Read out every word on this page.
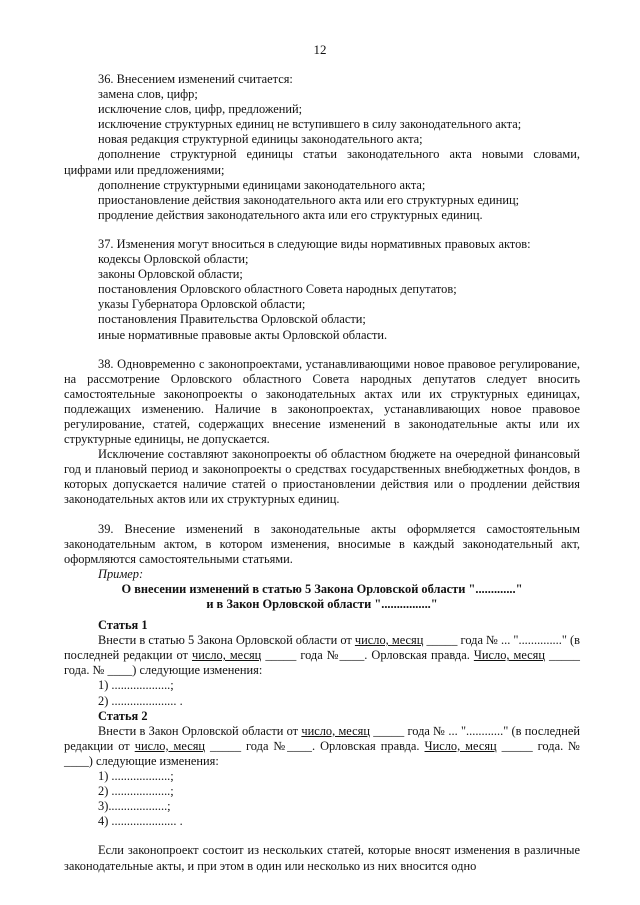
12

36. Внесением изменений считается:

замена слов, цифр;

исключение слов, цифр, предложений;

исключение структурных единиц не вступившего в силу законодательного акта;

новая редакция структурной единицы законодательного акта;

дополнение структурной единицы статьи законодательного акта новыми словами, цифрами или предложениями;

дополнение структурными единицами законодательного акта;

приостановление действия законодательного акта или его структурных единиц;

продление действия законодательного акта или его структурных единиц.

37. Изменения могут вноситься в следующие виды нормативных правовых актов:

кодексы Орловской области;

законы Орловской области;

постановления Орловского областного Совета народных депутатов;

указы Губернатора Орловской области;

постановления Правительства Орловской области;

иные нормативные правовые акты Орловской области.

38. Одновременно с законопроектами, устанавливающими новое правовое регулирование, на рассмотрение Орловского областного Совета народных депутатов следует вносить самостоятельные законопроекты о законодательных актах или их структурных единицах, подлежащих изменению. Наличие в законопроектах, устанавливающих новое правовое регулирование, статей, содержащих внесение изменений в законодательные акты или их структурные единицы, не допускается.

Исключение составляют законопроекты об областном бюджете на очередной финансовый год и плановый период и законопроекты о средствах государственных внебюджетных фондов, в которых допускается наличие статей о приостановлении действия или о продлении действия законодательных актов или их структурных единиц.

39. Внесение изменений в законодательные акты оформляется самостоятельным законодательным актом, в котором изменения, вносимые в каждый законодательный акт, оформляются самостоятельными статьями.

Пример:

О внесении изменений в статью 5 Закона Орловской области "............."

и в Закон Орловской области "................"

Статья 1

Внести в статью 5 Закона Орловской области от число, месяц _____ года № ... ".............." (в последней редакции от число, месяц _____ года №____. Орловская правда. Число, месяц _____ года. № ____) следующие изменения:

1) ...................;

2) ..................... .

Статья 2

Внести в Закон Орловской области от число, месяц _____ года № ... "............" (в последней редакции от число, месяц _____ года №____. Орловская правда. Число, месяц _____ года. № ____) следующие изменения:

1) ...................;

2) ...................;

3)...................;

4) ..................... .

Если законопроект состоит из нескольких статей, которые вносят изменения в различные законодательные акты, и при этом в один или несколько из них вносится одно
